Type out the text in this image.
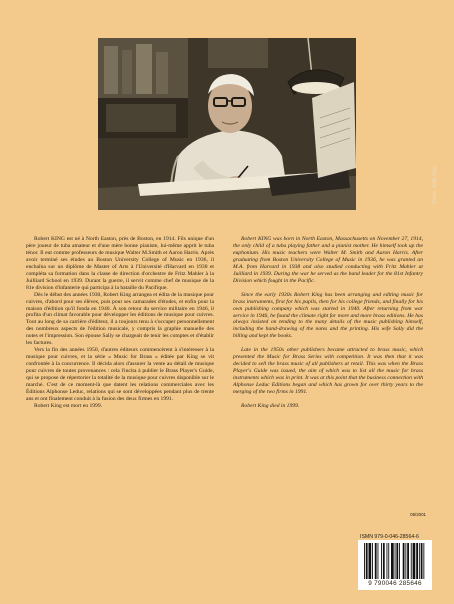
Photo: Sally King

Robert KING est né à North Easton, près de Boston, en 1914. Fils unique d'un père joueur de tuba amateur et d'une mère bonne pianiste, lui-même apprit le tuba ténor. Il eut comme professeurs de musique Walter M.Smith et Aaron Harris. Après avoir terminé ses études au Boston University College of Music en 1936, il enchaîna sur un diplôme de Master of Arts à l'Université d'Harvard en 1938 et compléta sa formation dans la classe de direction d'orchestre de Fritz Mahler à la Juilliard School en 1939. Durant la guerre, il servit comme chef de musique de la 81e division d'infanterie qui participa à la bataille du Pacifique.

Dès le début des années 1930, Robert King arrangea et édita de la musique pour cuivres, d'abord pour ses élèves, puis pour ses camarades d'études, et enfin pour la maison d'édition qu'il fonda en 1940. À son retour du service militaire en 1946, il profita d'un climat favorable pour développer les éditions de musique pour cuivres. Tout au long de sa carrière d'éditeur, il a toujours tenu à s'occuper personnellement des nombreux aspects de l'édition musicale, y compris la graphie manuelle des notes et l'impression. Son épouse Sally se chargeait de tenir les comptes et d'établir les factures.

Vers la fin des années 1950, d'autres éditeurs commencèrent à s'intéresser à la musique pour cuivres, et la série « Music for Brass » éditée par King se vit confrontée à la concurrence. Il décida alors d'assurer la vente au détail de musique pour cuivres de toutes provenances : cela l'incita à publier le Brass Player's Guide, qui se propose de répertorier la totalité de la musique pour cuivres disponible sur le marché. C'est de ce moment-là que datent les relations commerciales avec les Éditions Alphonse Leduc, relations qui se sont développées pendant plus de trente ans et ont finalement conduit à la fusion des deux firmes en 1991.

Robert King est mort en 1999.

Robert KING was born in North Easton, Massachusetts on November 27, 1914, the only child of a tuba playing father and a pianist mother. He himself took up the euphonium. His music teachers were Walter M. Smith and Aaron Harris. After graduating from Boston University College of Music in 1936, he was granted an M.A. from Harvard in 1938 and also studied conducting with Fritz Mahler at Juilliard in 1939. During the war he served as the band leader for the 81st Infantry Division which fought in the Pacific.

Since the early 1930s Robert King has been arranging and editing music for brass instruments, first for his pupils, then for his college friends, and finally for his own publishing company which was started in 1940. After returning from war service in 1946, he found the climate right for more and more brass editions. He has always insisted on tending to the many details of the music publishing himself, including the hand-drawing of the notes and the printing. His wife Sally did the billing and kept the books.

Late in the 1950s other publishers became attracted to brass music, which presented the Music for Brass Series with competition. It was then that it was decided to sell the brass music of all publishers at retail. This was when the Brass Player's Guide was issued, the aim of which was to list all the music for brass instruments which was in print. It was at this point that the business connection with Alphonse Leduc Editions began and which has grown for over thirty years to the merging of the two firms in 1991.

Robert King died in 1999.

05/2001
ISMN 979-0-046-28564-6
9 790046 285646
